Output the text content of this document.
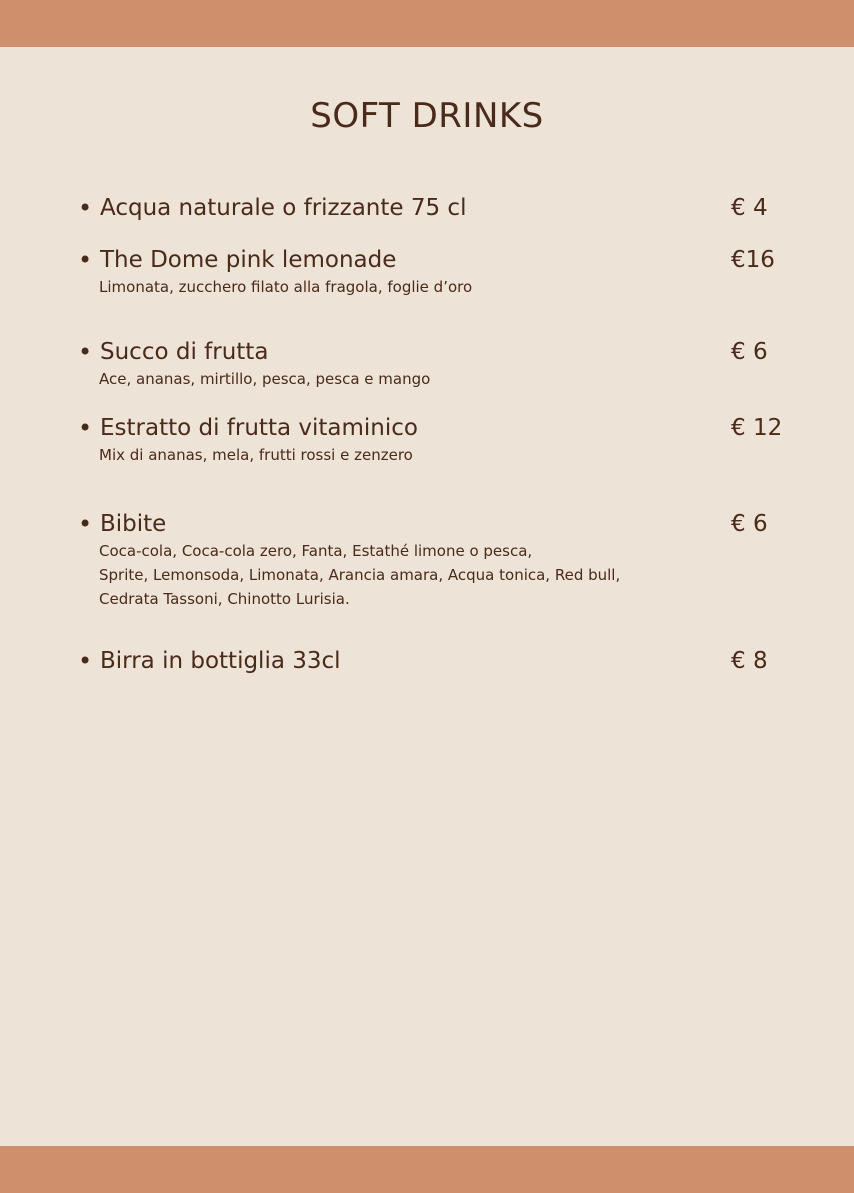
SOFT DRINKS
• Acqua naturale o frizzante 75 cl	€ 4
• The Dome pink lemonade	€16
Limonata, zucchero filato alla fragola, foglie d’oro
• Succo di frutta	€ 6
Ace, ananas, mirtillo, pesca, pesca e mango
• Estratto di frutta vitaminico	€ 12
Mix di ananas, mela, frutti rossi e zenzero
• Bibite	€ 6
Coca-cola, Coca-cola zero, Fanta, Estathé limone o pesca,
Sprite, Lemonsoda, Limonata, Arancia amara, Acqua tonica, Red bull,
Cedrata Tassoni, Chinotto Lurisia.
• Birra in bottiglia 33cl	€ 8
